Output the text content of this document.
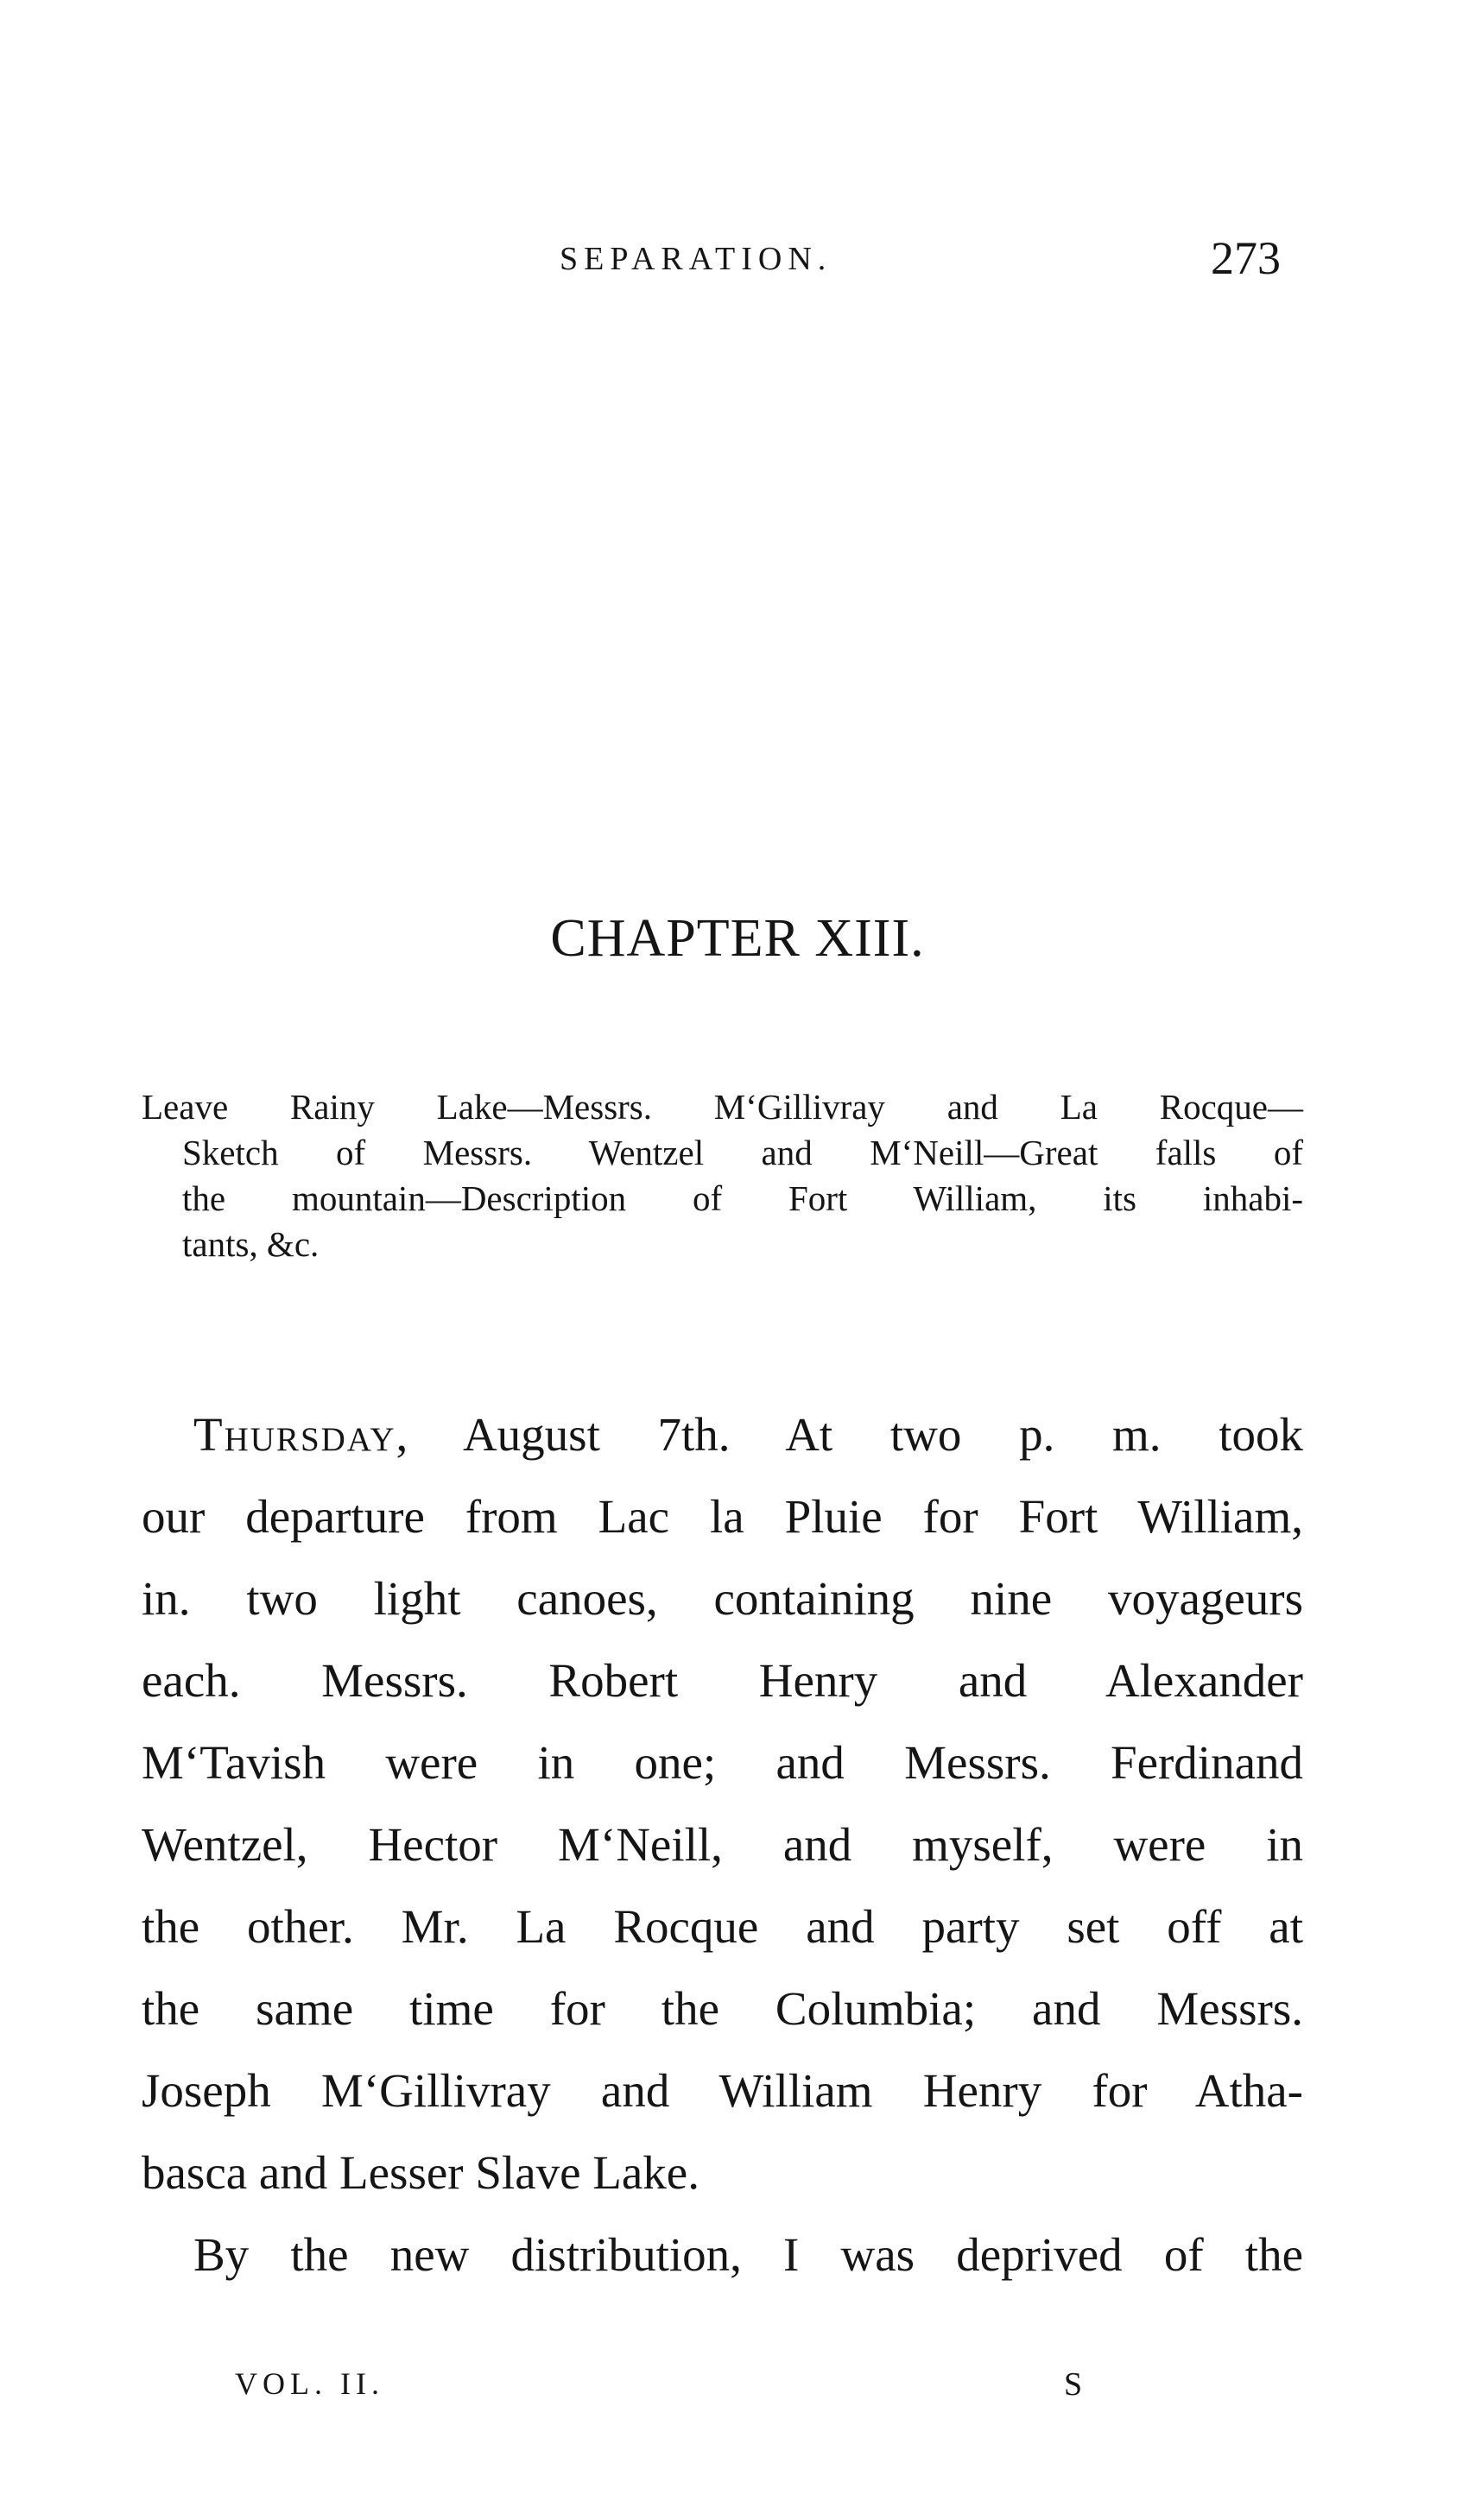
SEPARATION.	273
CHAPTER XIII.
Leave Rainy Lake—Messrs. M‘Gillivray and La Rocque—
Sketch of Messrs. Wentzel and M‘Neill—Great falls of
the mountain—Description of Fort William, its inhabi-
tants, &c.
Thursday, August 7th. At two p. m. took
our departure from Lac la Pluie for Fort William,
in. two light canoes, containing nine voyageurs
each. Messrs. Robert Henry and Alexander
M‘Tavish were in one; and Messrs. Ferdinand
Wentzel, Hector M‘Neill, and myself, were in
the other. Mr. La Rocque and party set off at
the same time for the Columbia; and Messrs.
Joseph M‘Gillivray and William Henry for Atha-
basca and Lesser Slave Lake.
By the new distribution, I was deprived of the
VOL. II.	S
